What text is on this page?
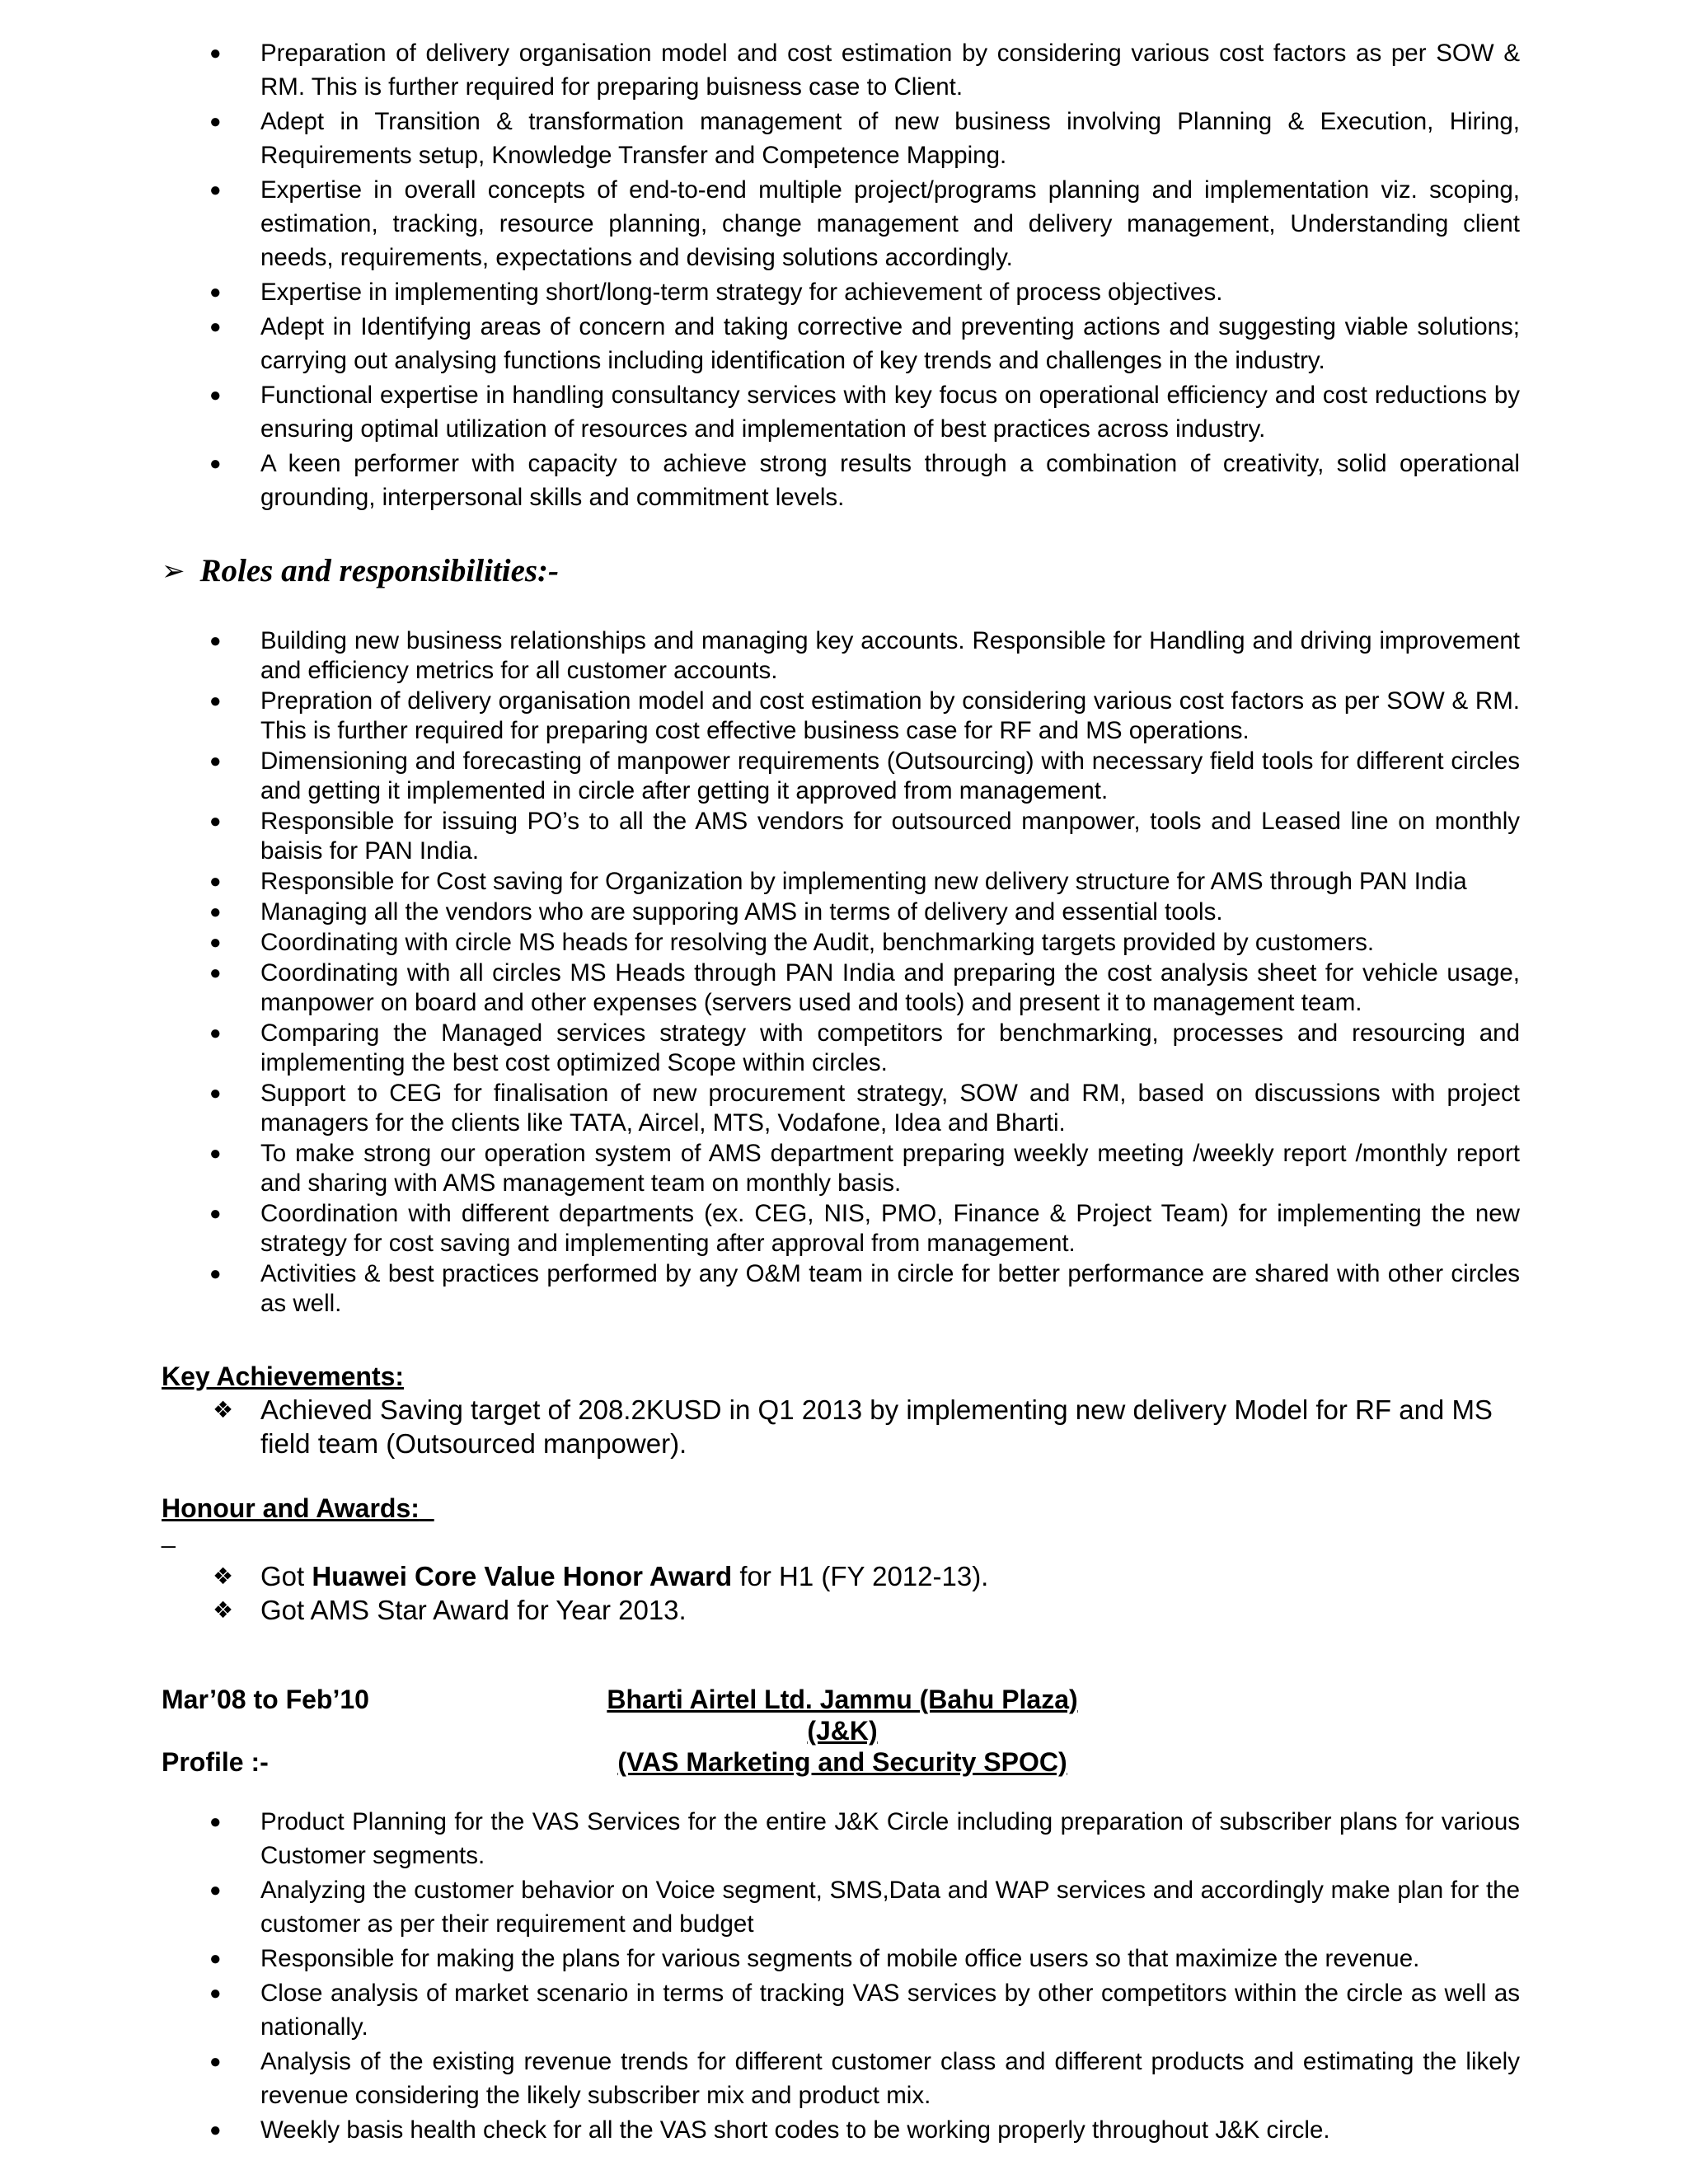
● Preparation of delivery organisation model and cost estimation by considering various cost factors as per SOW & RM. This is further required for preparing buisness case to Client.
● Adept in Transition & transformation management of new business involving Planning & Execution, Hiring, Requirements setup, Knowledge Transfer and Competence Mapping.
● Expertise in overall concepts of end-to-end multiple project/programs planning and implementation viz. scoping, estimation, tracking, resource planning, change management and delivery management, Understanding client needs, requirements, expectations and devising solutions accordingly.
● Expertise in implementing short/long-term strategy for achievement of process objectives.
● Adept in Identifying areas of concern and taking corrective and preventing actions and suggesting viable solutions; carrying out analysing functions including identification of key trends and challenges in the industry.
● Functional expertise in handling consultancy services with key focus on operational efficiency and cost reductions by ensuring optimal utilization of resources and implementation of best practices across industry.
● A keen performer with capacity to achieve strong results through a combination of creativity, solid operational grounding, interpersonal skills and commitment levels.
➢ Roles and responsibilities:-
● Building new business relationships and managing key accounts. Responsible for Handling and driving improvement and efficiency metrics for all customer accounts.
● Prepration of delivery organisation model and cost estimation by considering various cost factors as per SOW & RM. This is further required for preparing cost effective business case for RF and MS operations.
● Dimensioning and forecasting of manpower requirements (Outsourcing) with necessary field tools for different circles and getting it implemented in circle after getting it approved from management.
● Responsible for issuing PO’s to all the AMS vendors for outsourced manpower, tools and Leased line on monthly baisis for PAN India.
● Responsible for Cost saving for Organization by implementing new delivery structure for AMS through PAN India
● Managing all the vendors who are supporing AMS in terms of delivery and essential tools.
● Coordinating with circle MS heads for resolving the Audit, benchmarking targets provided by customers.
● Coordinating with all circles MS Heads through PAN India and preparing the cost analysis sheet for vehicle usage, manpower on board and other expenses (servers used and tools) and present it to management team.
● Comparing the Managed services strategy with competitors for benchmarking, processes and resourcing and implementing the best cost optimized Scope within circles.
● Support to CEG for finalisation of new procurement strategy, SOW and RM, based on discussions with project managers for the clients like TATA, Aircel, MTS, Vodafone, Idea and Bharti.
● To make strong our operation system of AMS department preparing weekly meeting /weekly report /monthly report and sharing with AMS management team on monthly basis.
● Coordination with different departments (ex. CEG, NIS, PMO, Finance & Project Team) for implementing the new strategy for cost saving and implementing after approval from management.
● Activities & best practices performed by any O&M team in circle for better performance are shared with other circles as well.
Key Achievements:
❖ Achieved Saving target of 208.2KUSD in Q1 2013 by implementing new delivery Model for RF and MS field team (Outsourced manpower).
Honour and Awards:
_
❖ Got Huawei Core Value Honor Award for H1 (FY 2012-13).
❖ Got AMS Star Award for Year 2013.
Mar’08 to Feb’10	Bharti Airtel Ltd. Jammu (Bahu Plaza)
(J&K)
Profile :-	(VAS Marketing and Security SPOC)
● Product Planning for the VAS Services for the entire J&K Circle including preparation of subscriber plans for various Customer segments.
● Analyzing the customer behavior on Voice segment, SMS,Data and WAP services and accordingly make plan for the customer as per their requirement and budget
● Responsible for making the plans for various segments of mobile office users so that maximize the revenue.
● Close analysis of market scenario in terms of tracking VAS services by other competitors within the circle as well as nationally.
● Analysis of the existing revenue trends for different customer class and different products and estimating the likely revenue considering the likely subscriber mix and product mix.
● Weekly basis health check for all the VAS short codes to be working properly throughout J&K circle.
